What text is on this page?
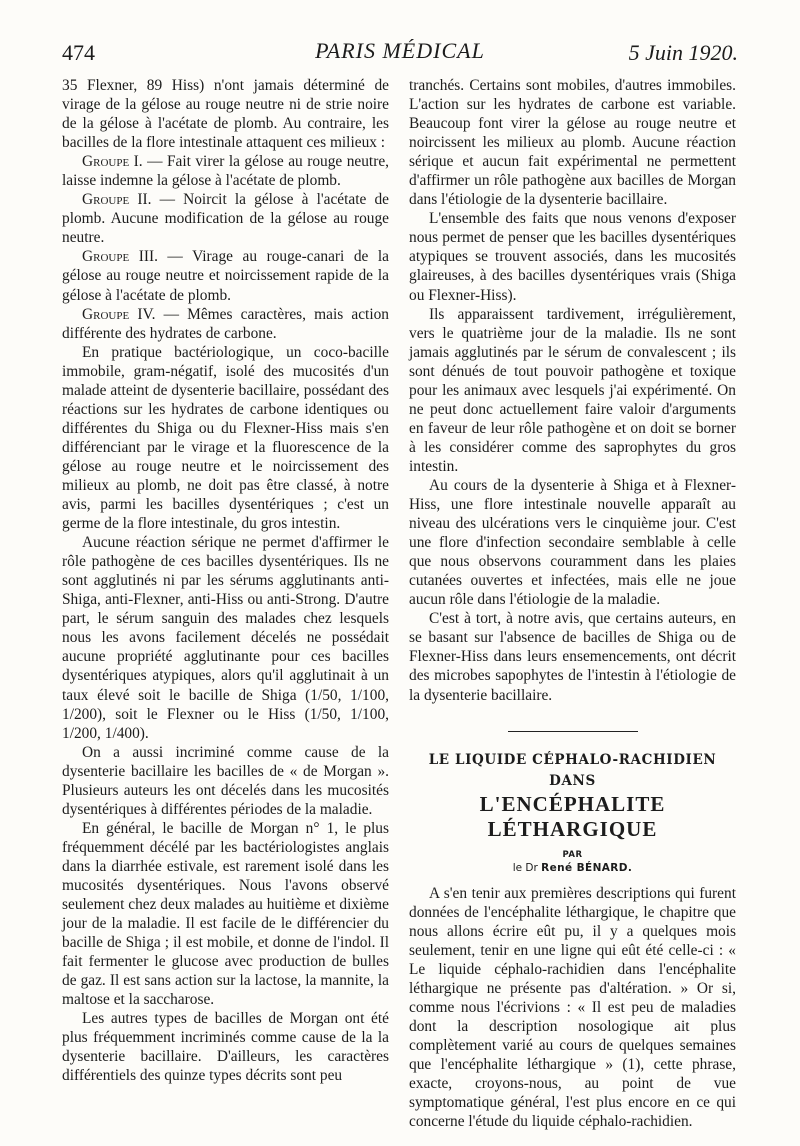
474	PARIS MÉDICAL	5 Juin 1920.

35 Flexner, 89 Hiss) n'ont jamais déterminé de virage de la gélose au rouge neutre ni de strie noire de la gélose à l'acétate de plomb. Au contraire, les bacilles de la flore intestinale attaquent ces milieux :

Groupe I. — Fait virer la gélose au rouge neutre, laisse indemne la gélose à l'acétate de plomb.

Groupe II. — Noircit la gélose à l'acétate de plomb. Aucune modification de la gélose au rouge neutre.

Groupe III. — Virage au rouge-canari de la gélose au rouge neutre et noircissement rapide de la gélose à l'acétate de plomb.

Groupe IV. — Mêmes caractères, mais action différente des hydrates de carbone.

En pratique bactériologique, un coco-bacille immobile, gram-négatif, isolé des mucosités d'un malade atteint de dysenterie bacillaire, possédant des réactions sur les hydrates de carbone identiques ou différentes du Shiga ou du Flexner-Hiss mais s'en différenciant par le virage et la fluorescence de la gélose au rouge neutre et le noircissement des milieux au plomb, ne doit pas être classé, à notre avis, parmi les bacilles dysentériques ; c'est un germe de la flore intestinale, du gros intestin.

Aucune réaction sérique ne permet d'affirmer le rôle pathogène de ces bacilles dysentériques. Ils ne sont agglutinés ni par les sérums agglutinants anti-Shiga, anti-Flexner, anti-Hiss ou anti-Strong. D'autre part, le sérum sanguin des malades chez lesquels nous les avons facilement décelés ne possédait aucune propriété agglutinante pour ces bacilles dysentériques atypiques, alors qu'il agglutinait à un taux élevé soit le bacille de Shiga (1/50, 1/100, 1/200), soit le Flexner ou le Hiss (1/50, 1/100, 1/200, 1/400).

On a aussi incriminé comme cause de la dysenterie bacillaire les bacilles de « de Morgan ». Plusieurs auteurs les ont décelés dans les mucosités dysentériques à différentes périodes de la maladie.

En général, le bacille de Morgan n° 1, le plus fréquemment décélé par les bactériologistes anglais dans la diarrhée estivale, est rarement isolé dans les mucosités dysentériques. Nous l'avons observé seulement chez deux malades au huitième et dixième jour de la maladie. Il est facile de le différencier du bacille de Shiga ; il est mobile, et donne de l'indol. Il fait fermenter le glucose avec production de bulles de gaz. Il est sans action sur la lactose, la mannite, la maltose et la saccharose.

Les autres types de bacilles de Morgan ont été plus fréquemment incriminés comme cause de la la dysenterie bacillaire. D'ailleurs, les caractères différentiels des quinze types décrits sont peu

tranchés. Certains sont mobiles, d'autres immobiles. L'action sur les hydrates de carbone est variable. Beaucoup font virer la gélose au rouge neutre et noircissent les milieux au plomb. Aucune réaction sérique et aucun fait expérimental ne permettent d'affirmer un rôle pathogène aux bacilles de Morgan dans l'étiologie de la dysenterie bacillaire.

L'ensemble des faits que nous venons d'exposer nous permet de penser que les bacilles dysentériques atypiques se trouvent associés, dans les mucosités glaireuses, à des bacilles dysentériques vrais (Shiga ou Flexner-Hiss).

Ils apparaissent tardivement, irrégulièrement, vers le quatrième jour de la maladie. Ils ne sont jamais agglutinés par le sérum de convalescent ; ils sont dénués de tout pouvoir pathogène et toxique pour les animaux avec lesquels j'ai expérimenté. On ne peut donc actuellement faire valoir d'arguments en faveur de leur rôle pathogène et on doit se borner à les considérer comme des saprophytes du gros intestin.

Au cours de la dysenterie à Shiga et à Flexner-Hiss, une flore intestinale nouvelle apparaît au niveau des ulcérations vers le cinquième jour. C'est une flore d'infection secondaire semblable à celle que nous observons couramment dans les plaies cutanées ouvertes et infectées, mais elle ne joue aucun rôle dans l'étiologie de la maladie.

C'est à tort, à notre avis, que certains auteurs, en se basant sur l'absence de bacilles de Shiga ou de Flexner-Hiss dans leurs ensemencements, ont décrit des microbes sapophytes de l'intestin à l'étiologie de la dysenterie bacillaire.

LE LIQUIDE CÉPHALO-RACHIDIEN
DANS
L'ENCÉPHALITE
LÉTHARGIQUE
PAR
le Dr René BÉNARD.

A s'en tenir aux premières descriptions qui furent données de l'encéphalite léthargique, le chapitre que nous allons écrire eût pu, il y a quelques mois seulement, tenir en une ligne qui eût été celle-ci : « Le liquide céphalo-rachidien dans l'encéphalite léthargique ne présente pas d'altération. » Or si, comme nous l'écrivions : « Il est peu de maladies dont la description nosologique ait plus complètement varié au cours de quelques semaines que l'encéphalite léthargique » (1), cette phrase, exacte, croyons-nous, au point de vue symptomatique général, l'est plus encore en ce qui concerne l'étude du liquide céphalo-rachidien.
